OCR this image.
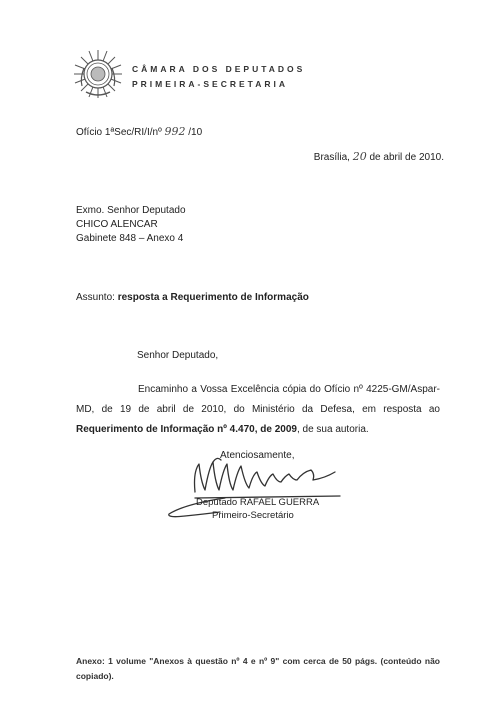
CÂMARA DOS DEPUTADOS
PRIMEIRA-SECRETARIA
Ofício 1ªSec/RI/I/nº 992 /10
Brasília, 20 de abril de 2010.
Exmo. Senhor Deputado
CHICO ALENCAR
Gabinete 848 – Anexo 4
Assunto: resposta a Requerimento de Informação
Senhor Deputado,
Encaminho a Vossa Excelência cópia do Ofício nº 4225-GM/Aspar-MD, de 19 de abril de 2010, do Ministério da Defesa, em resposta ao Requerimento de Informação nº 4.470, de 2009, de sua autoria.
Atenciosamente,
Deputado RAFAEL GUERRA
Primeiro-Secretário
Anexo: 1 volume "Anexos à questão nº 4 e nº 9" com cerca de 50 págs. (conteúdo não copiado).
